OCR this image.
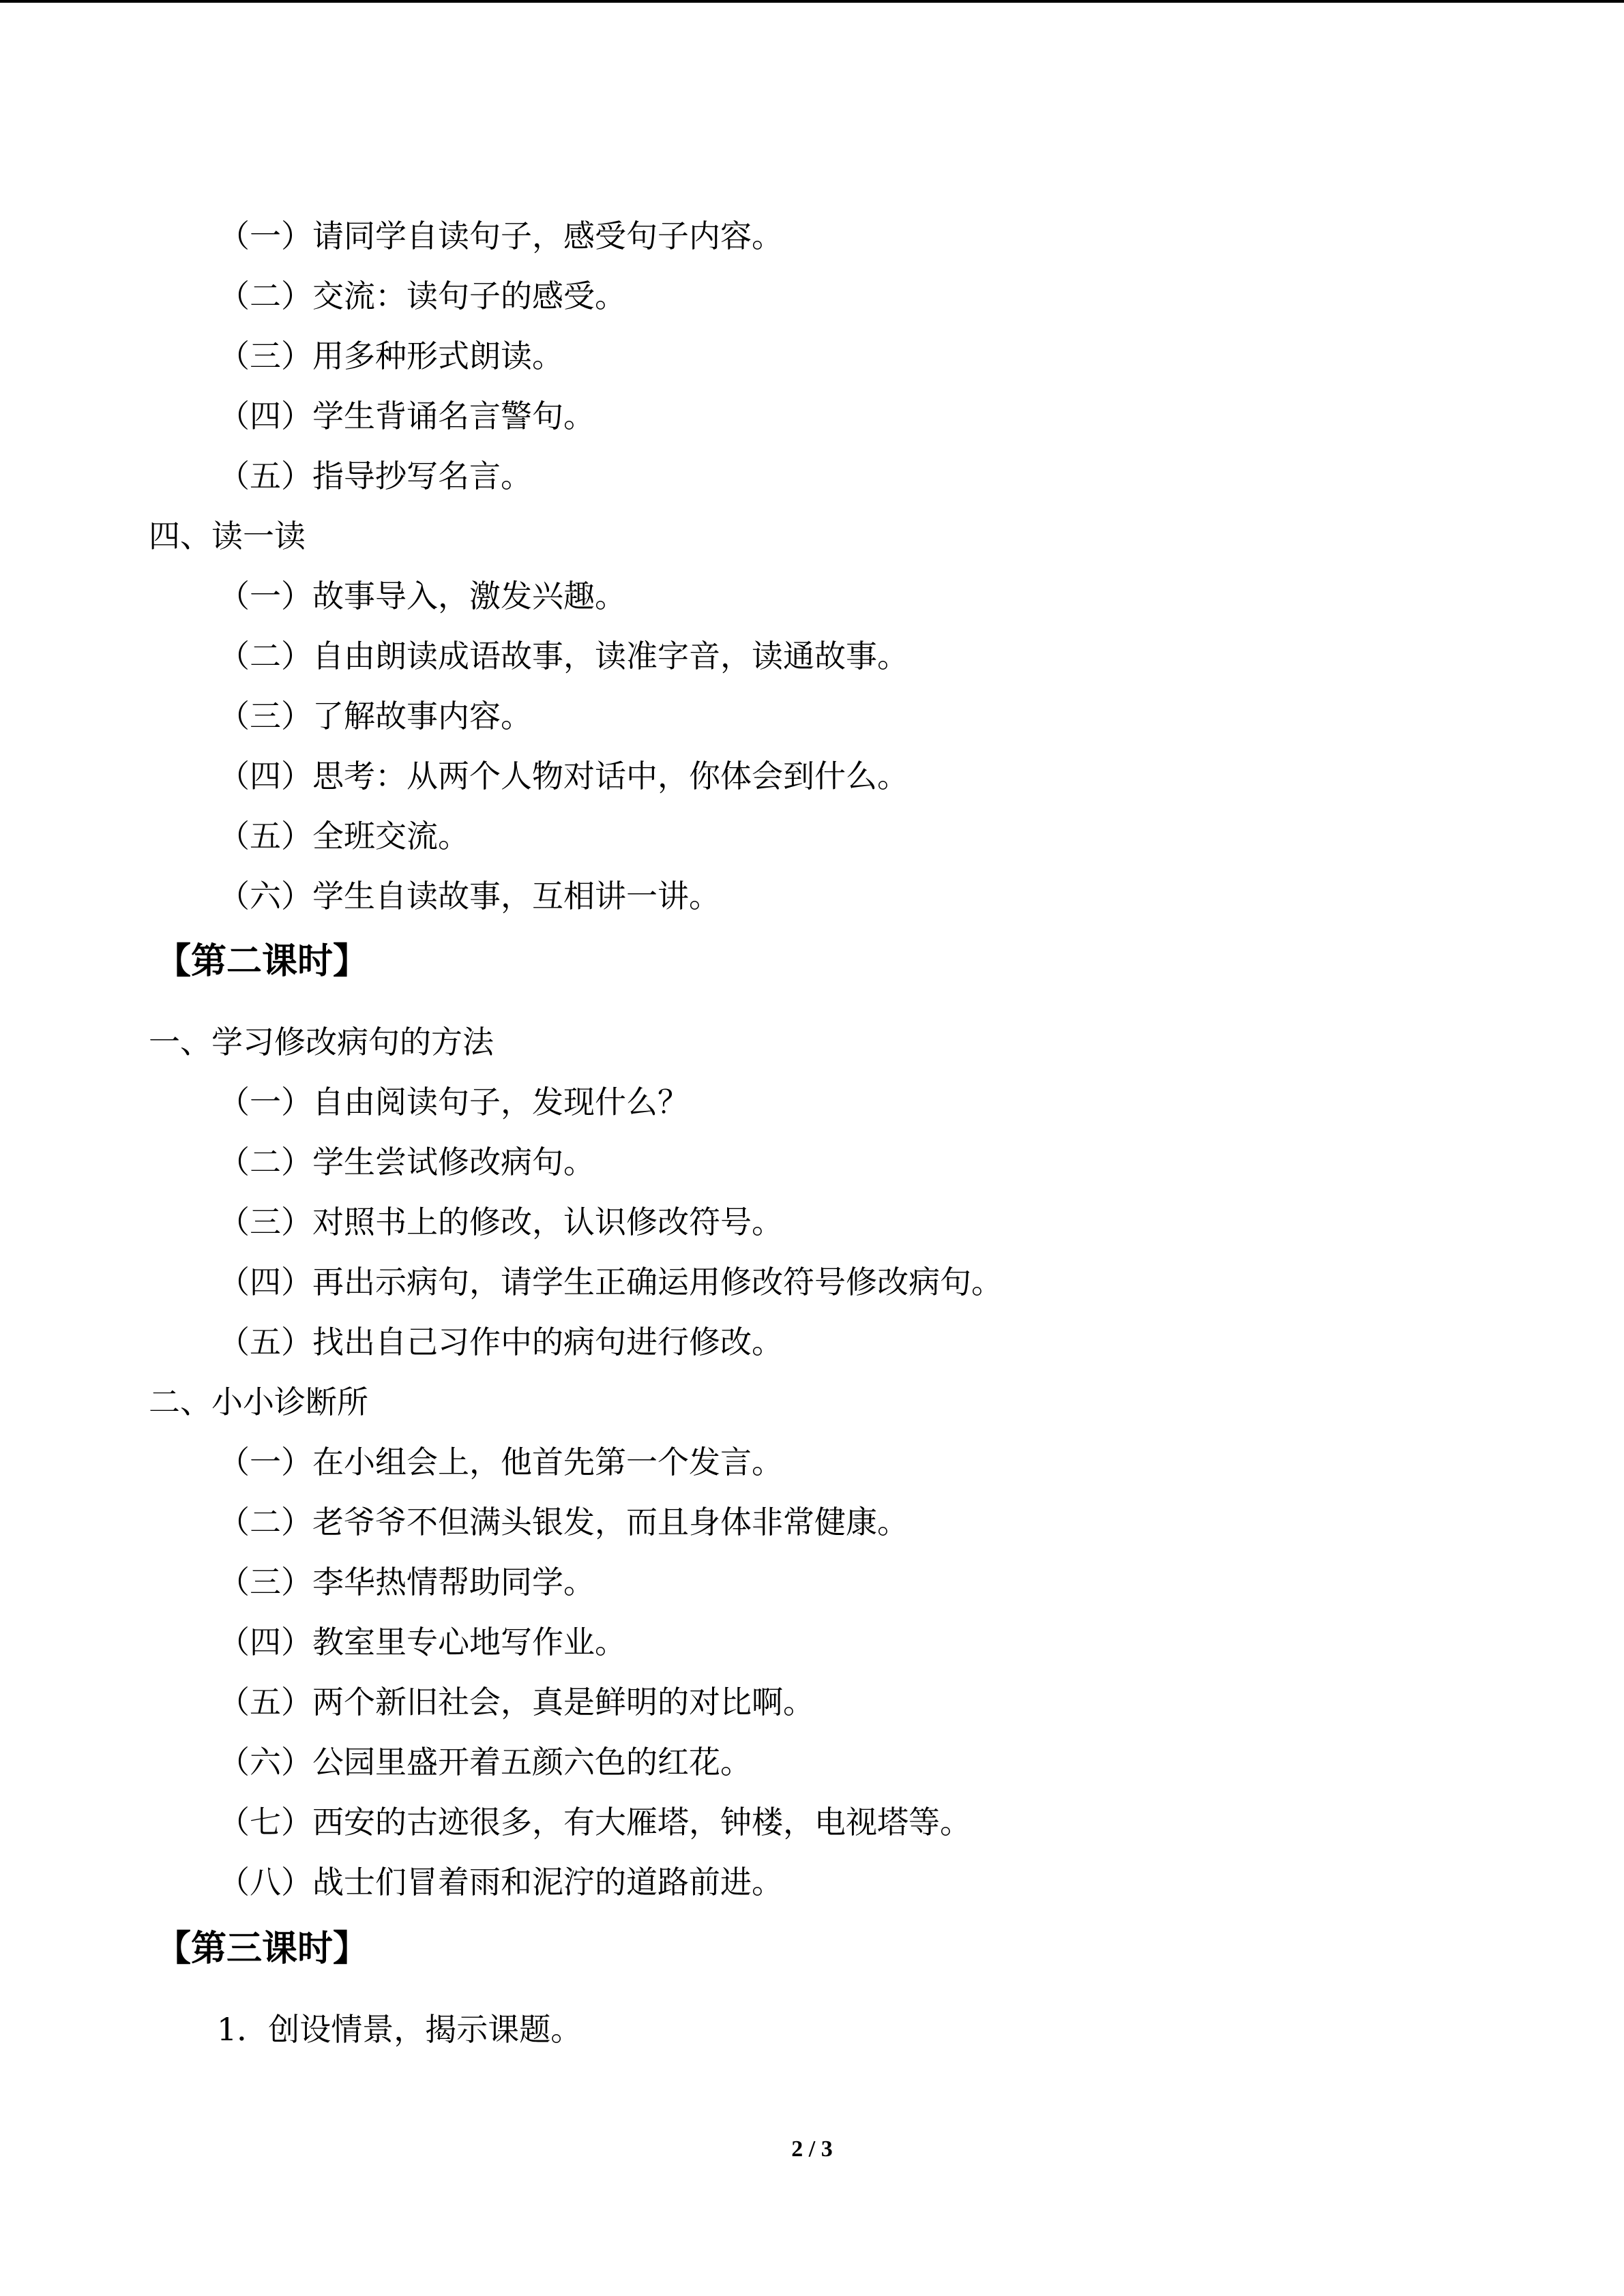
（一）请同学自读句子，感受句子内容。
（二）交流：读句子的感受。
（三）用多种形式朗读。
（四）学生背诵名言警句。
（五）指导抄写名言。
四、读一读
（一）故事导入，激发兴趣。
（二）自由朗读成语故事，读准字音，读通故事。
（三）了解故事内容。
（四）思考：从两个人物对话中，你体会到什么。
（五）全班交流。
（六）学生自读故事，互相讲一讲。
【第二课时】
一、学习修改病句的方法
（一）自由阅读句子，发现什么？
（二）学生尝试修改病句。
（三）对照书上的修改，认识修改符号。
（四）再出示病句，请学生正确运用修改符号修改病句。
（五）找出自己习作中的病句进行修改。
二、小小诊断所
（一）在小组会上，他首先第一个发言。
（二）老爷爷不但满头银发，而且身体非常健康。
（三）李华热情帮助同学。
（四）教室里专心地写作业。
（五）两个新旧社会，真是鲜明的对比啊。
（六）公园里盛开着五颜六色的红花。
（七）西安的古迹很多，有大雁塔，钟楼，电视塔等。
（八）战士们冒着雨和泥泞的道路前进。
【第三课时】
1．创设情景，揭示课题。
2 / 3
